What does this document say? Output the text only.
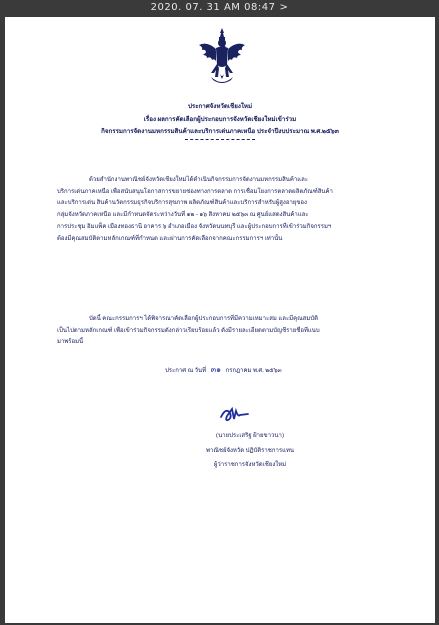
2020. 07. 31 AM 08:47 >
ประกาศจังหวัดเชียงใหม่
เรื่อง ผลการคัดเลือกผู้ประกอบการจังหวัดเชียงใหม่เข้าร่วม
กิจกรรมการจัดงานมหกรรมสินค้าและบริการเด่นภาคเหนือ ประจำปีงบประมาณ พ.ศ.๒๕๖๓
ด้วยสำนักงานพาณิชย์จังหวัดเชียงใหม่ได้ดำเนินกิจกรรมการจัดงานมหกรรมสินค้าและ
บริการเด่นภาคเหนือ เพื่อสนับสนุนโอกาสการขยายช่องทางการตลาด การเชื่อมโยงการตลาดผลิตภัณฑ์สินค้า
และบริการเด่น สินค้านวัตกรรมธุรกิจบริการสุขภาพ ผลิตภัณฑ์สินค้าและบริการสำหรับผู้สูงอายุของ
กลุ่มจังหวัดภาคเหนือ และมีกำหนดจัดระหว่างวันที่ ๑๒ - ๑๖ สิงหาคม ๒๕๖๓ ณ ศูนย์แสดงสินค้าและ
การประชุม อิมแพ็ค เมืองทองธานี อาคาร ๖ อำเภอเมือง จังหวัดนนทบุรี และผู้ประกอบการที่เข้าร่วมกิจกรรมฯ
ต้องมีคุณสมบัติตามหลักเกณฑ์ที่กำหนด และผ่านการคัดเลือกจากคณะกรรมการฯ เท่านั้น
บัดนี้ คณะกรรมการฯ ได้พิจารณาคัดเลือกผู้ประกอบการที่มีความเหมาะสม และมีคุณสมบัติ
เป็นไปตามหลักเกณฑ์ เพื่อเข้าร่วมกิจกรรมดังกล่าวเรียบร้อยแล้ว ดังมีรายละเอียดตามบัญชีรายชื่อที่แนบ
มาพร้อมนี้
ประกาศ ณ วันที่ ๓๑ กรกฎาคม พ.ศ. ๒๕๖๓
(นายประเสริฐ ฝ้ายขาวนา)
พาณิชย์จังหวัด ปฏิบัติราชการแทน
ผู้ว่าราชการจังหวัดเชียงใหม่
